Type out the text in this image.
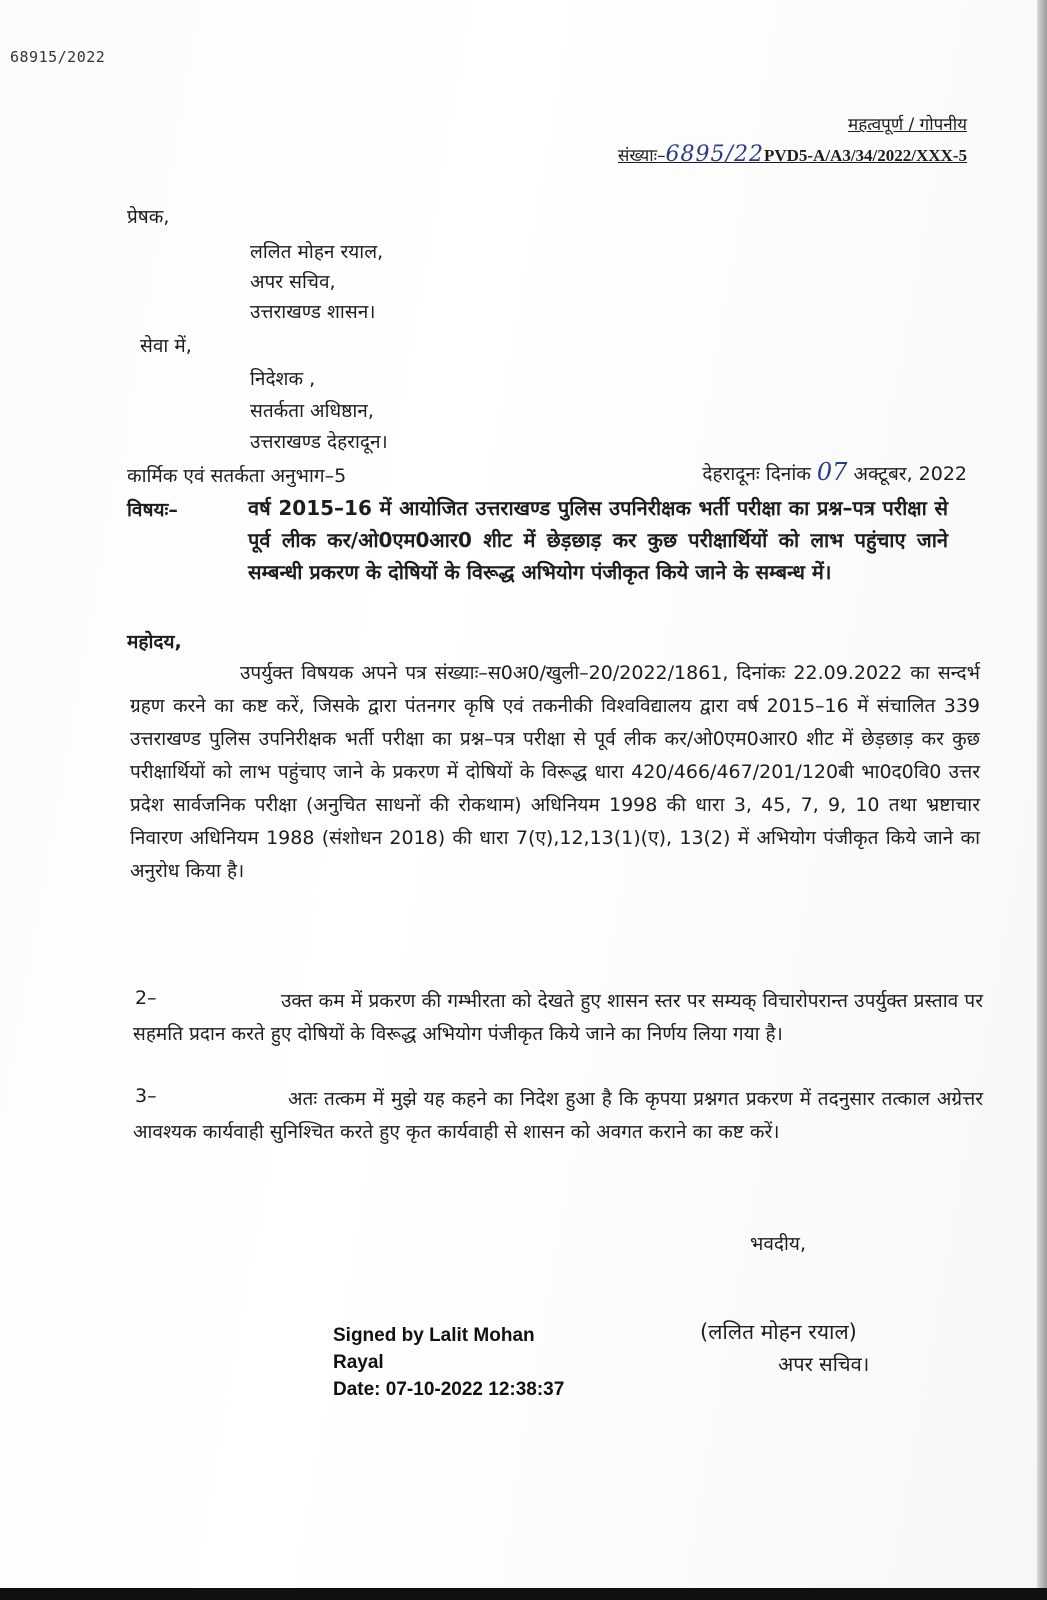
68915/2022
महत्वपूर्ण / गोपनीय
संख्याः–6895/22PVD5-A/A3/34/2022/XXX-5
प्रेषक,
ललित मोहन रयाल,
अपर सचिव,
उत्तराखण्ड शासन।
सेवा में,
निदेशक ,
सतर्कता अधिष्ठान,
उत्तराखण्ड देहरादून।
कार्मिक एवं सतर्कता अनुभाग–5	देहरादूनः दिनांक 07 अक्टूबर, 2022
विषयः–	वर्ष 2015–16 में आयोजित उत्तराखण्ड पुलिस उपनिरीक्षक भर्ती परीक्षा का प्रश्न–पत्र परीक्षा से पूर्व लीक कर/ओ0एम0आर0 शीट में छेड़छाड़ कर कुछ परीक्षार्थियों को लाभ पहुंचाए जाने सम्बन्धी प्रकरण के दोषियों के विरूद्ध अभियोग पंजीकृत किये जाने के सम्बन्ध में।
महोदय,
उपर्युक्त विषयक अपने पत्र संख्याः–स0अ0/खुली–20/2022/1861, दिनांकः 22.09.2022 का सन्दर्भ ग्रहण करने का कष्ट करें, जिसके द्वारा पंतनगर कृषि एवं तकनीकी विश्वविद्यालय द्वारा वर्ष 2015–16 में संचालित 339 उत्तराखण्ड पुलिस उपनिरीक्षक भर्ती परीक्षा का प्रश्न–पत्र परीक्षा से पूर्व लीक कर/ओ0एम0आर0 शीट में छेड़छाड़ कर कुछ परीक्षार्थियों को लाभ पहुंचाए जाने के प्रकरण में दोषियों के विरूद्ध धारा 420/466/467/201/120बी भा0द0वि0 उत्तर प्रदेश सार्वजनिक परीक्षा (अनुचित साधनों की रोकथाम) अधिनियम 1998 की धारा 3, 45, 7, 9, 10 तथा भ्रष्टाचार निवारण अधिनियम 1988 (संशोधन 2018) की धारा 7(ए),12,13(1)(ए), 13(2) में अभियोग पंजीकृत किये जाने का अनुरोध किया है।
2–	उक्त कम में प्रकरण की गम्भीरता को देखते हुए शासन स्तर पर सम्यक् विचारोपरान्त उपर्युक्त प्रस्ताव पर सहमति प्रदान करते हुए दोषियों के विरूद्ध अभियोग पंजीकृत किये जाने का निर्णय लिया गया है।
3–	अतः तत्कम में मुझे यह कहने का निदेश हुआ है कि कृपया प्रश्नगत प्रकरण में तदनुसार तत्काल अग्रेत्तर आवश्यक कार्यवाही सुनिश्चित करते हुए कृत कार्यवाही से शासन को अवगत कराने का कष्ट करें।
भवदीय,
Signed by Lalit Mohan
Rayal
Date: 07-10-2022 12:38:37
(ललित मोहन रयाल)
अपर सचिव।
